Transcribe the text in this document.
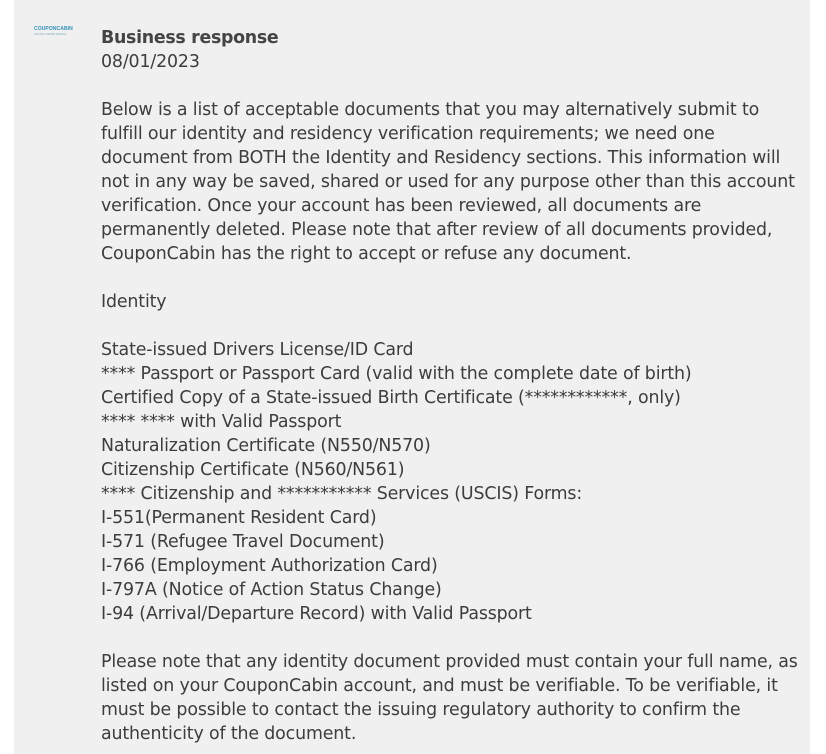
COUPONCABIN
SAVING MADE SIMPLE	Business response
08/01/2023

Below is a list of acceptable documents that you may alternatively submit to fulfill our identity and residency verification requirements; we need one document from BOTH the Identity and Residency sections. This information will not in any way be saved, shared or used for any purpose other than this account verification. Once your account has been reviewed, all documents are permanently deleted. Please note that after review of all documents provided, CouponCabin has the right to accept or refuse any document.

Identity

State-issued Drivers License/ID Card

**** Passport or Passport Card (valid with the complete date of birth)

Certified Copy of a State-issued Birth Certificate (************, only)

**** **** with Valid Passport

Naturalization Certificate (N550/N570)

Citizenship Certificate (N560/N561)

**** Citizenship and *********** Services (USCIS) Forms:

I-551(Permanent Resident Card)

I-571 (Refugee Travel Document)

I-766 (Employment Authorization Card)

I-797A (Notice of Action Status Change)

I-94 (Arrival/Departure Record) with Valid Passport

Please note that any identity document provided must contain your full name, as listed on your CouponCabin account, and must be verifiable. To be verifiable, it must be possible to contact the issuing regulatory authority to confirm the authenticity of the document.
